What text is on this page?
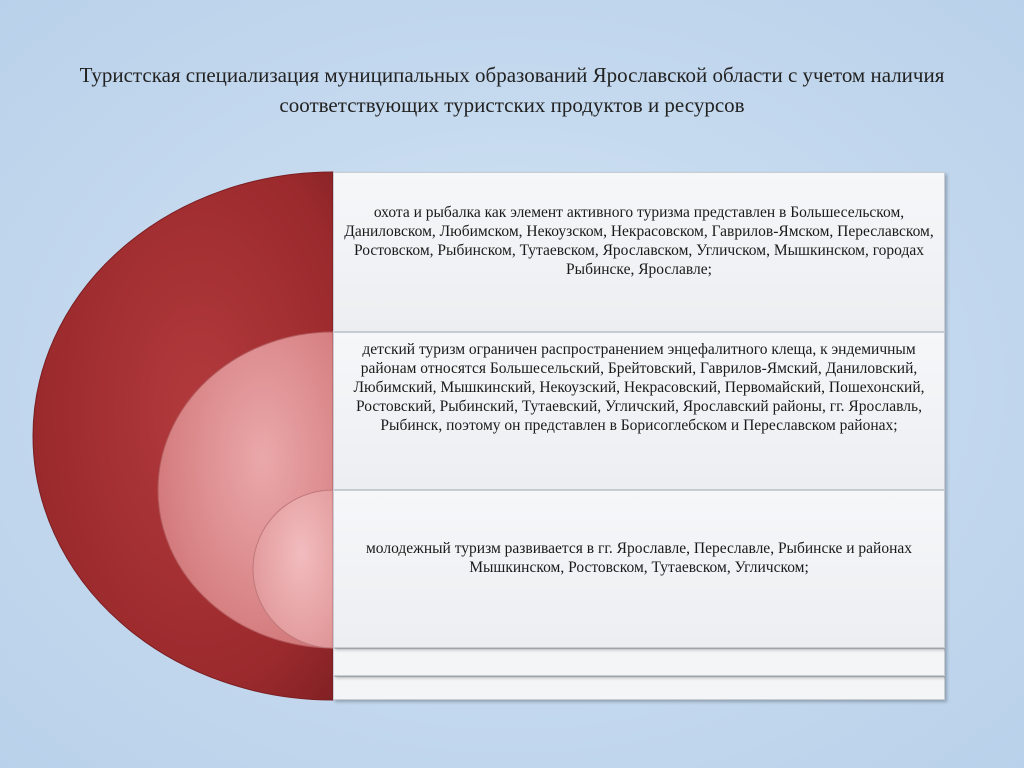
Туристская специализация муниципальных образований Ярославской области с учетом наличия соответствующих туристских продуктов и ресурсов
охота и рыбалка как элемент активного туризма представлен в Большесельском, Даниловском, Любимском, Некоузском, Некрасовском, Гаврилов-Ямском, Переславском, Ростовском, Рыбинском, Тутаевском, Ярославском, Угличском, Мышкинском, городах Рыбинске, Ярославле;
детский туризм ограничен распространением энцефалитного клеща, к эндемичным районам относятся Большесельский, Брейтовский, Гаврилов-Ямский, Даниловский, Любимский, Мышкинский, Некоузский, Некрасовский, Первомайский, Пошехонский, Ростовский, Рыбинский, Тутаевский, Угличский, Ярославский районы, гг. Ярославль, Рыбинск, поэтому он представлен в Борисоглебском и Переславском районах;
молодежный туризм развивается в гг. Ярославле, Переславле, Рыбинске и районах Мышкинском, Ростовском, Тутаевском, Угличском;
